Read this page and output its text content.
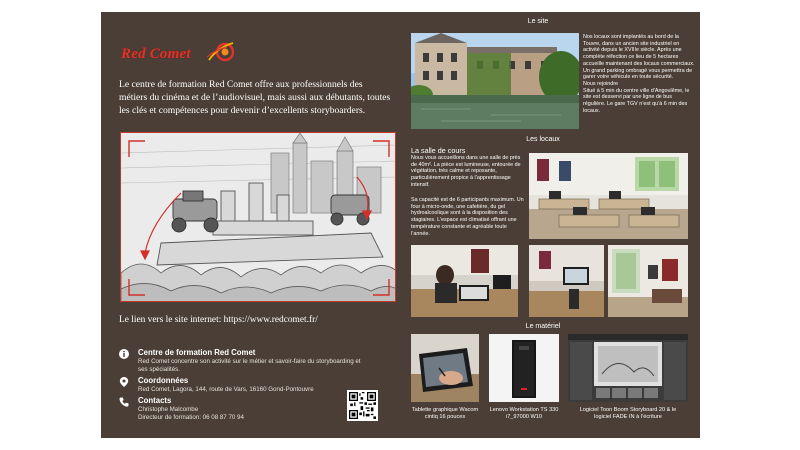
Red Comet

Le centre de formation Red Comet offre aux professionnels des métiers du cinéma et de l’audiovisuel, mais aussi aux débutants, toutes les clés et compétences pour devenir d’excellents storyboarders.

Le lien vers le site internet: https://www.redcomet.fr/

Centre de formation Red Comet
Red Comet concentre son activité sur le métier et savoir-faire du storyboarding et
ses spécialités.
Coordonnées
Red Comet, Lagora, 144, route de Vars, 16160 Gond-Pontouvre
Contacts
Christophe Malcombe
Directeur de formation: 06 08 87 70 94
Le site

Nos locaux sont implantés au bord de la Touvre, dans un ancien site industriel en activité depuis le XVIIIe siècle. Après une complète réfection ce lieu de 5 hectares accueille maintenant des locaux commerciaux. Un grand parking ombragé vous permettra de garer votre véhicule en toute sécurité.
Nous rejoindre
Situé à 5 min du centre ville d’Angoulême, le site est desservi par une ligne de bus régulière. Le gare TGV n’est qu’à 6 min des locaux.

Les locaux
La salle de cours

Nous vous accueillons dans une salle de près de 40m². La pièce est lumineuse, entourée de végétation, très calme et reposante, particulièrement propice à l’apprentissage intensif.

Sa capacité est de 6 participants maximum. Un four à micro-onde, une cafetière, du gel hydroalcoolique sont à la disposition des stagiaires. L’espace est climatisé offrant une température constante et agréable toute l’année.

Le matériel

Tablette graphique Wacom cintiq 16 pouces

Lenovo Workstation TS 330 i7_97000 W10

Logiciel Toon Boom Storyboard 20 & le logiciel FADE IN à l’écriture
